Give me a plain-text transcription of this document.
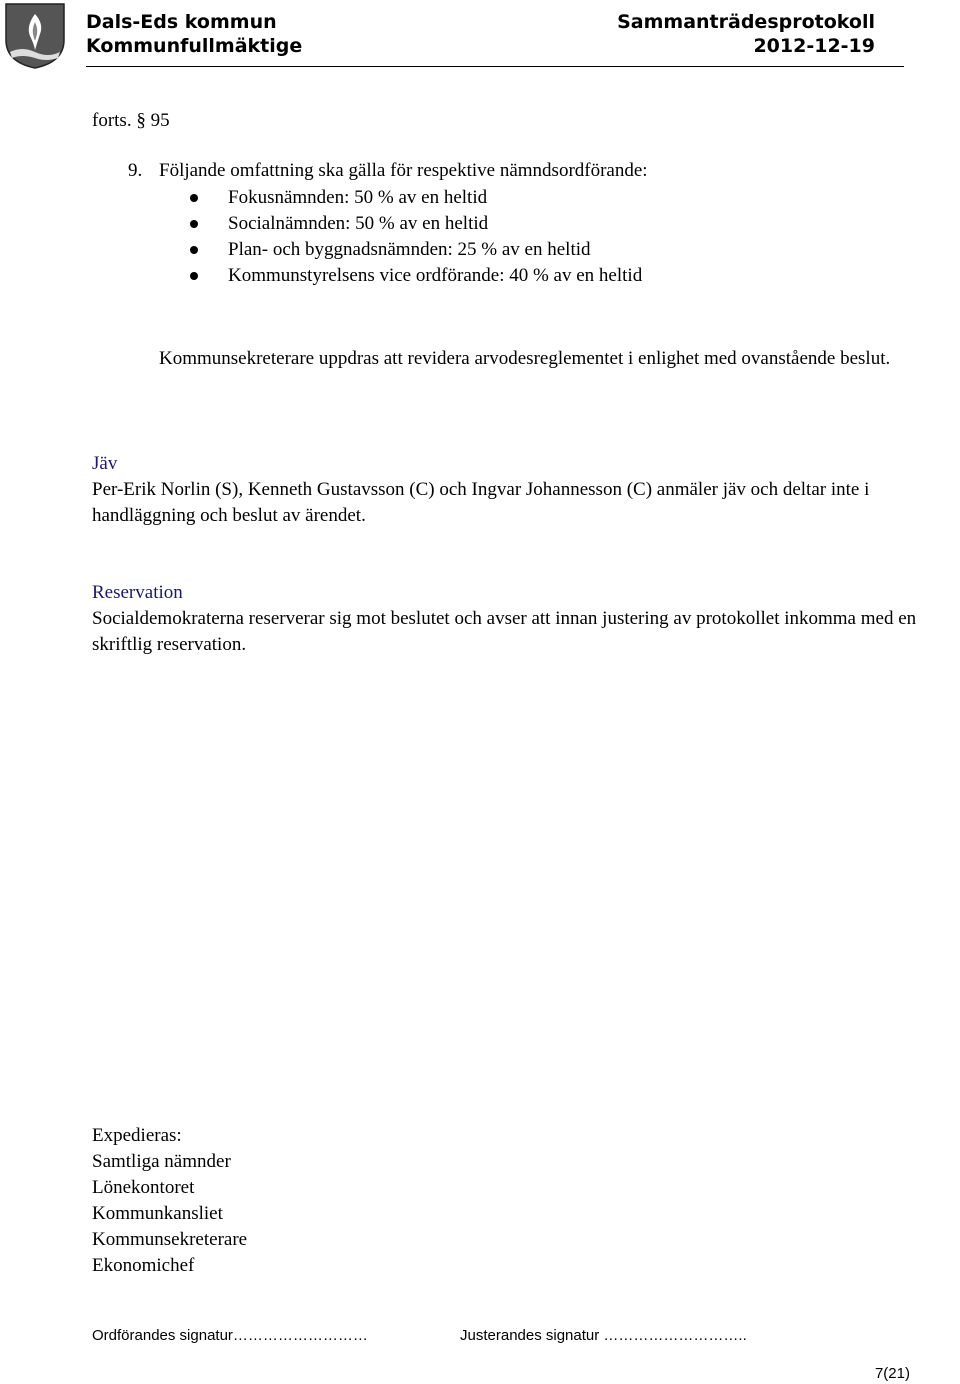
Dals-Eds kommun
Kommunfullmäktige
Sammanträdesprotokoll
2012-12-19
forts. § 95
9. Följande omfattning ska gälla för respektive nämndsordförande:
Fokusnämnden: 50 % av en heltid
Socialnämnden: 50 % av en heltid
Plan- och byggnadsnämnden: 25 % av en heltid
Kommunstyrelsens vice ordförande: 40 % av en heltid
Kommunsekreterare uppdras att revidera arvodesreglementet i enlighet med ovanstående beslut.
Jäv
Per-Erik Norlin (S), Kenneth Gustavsson (C) och Ingvar Johannesson (C) anmäler jäv och deltar inte i handläggning och beslut av ärendet.
Reservation
Socialdemokraterna reserverar sig mot beslutet och avser att innan justering av protokollet inkomma med en skriftlig reservation.
Expedieras:
Samtliga nämnder
Lönekontoret
Kommunkansliet
Kommunsekreterare
Ekonomichef
Ordförandes signatur………………………	Justerandes signatur ………………………..
7(21)
